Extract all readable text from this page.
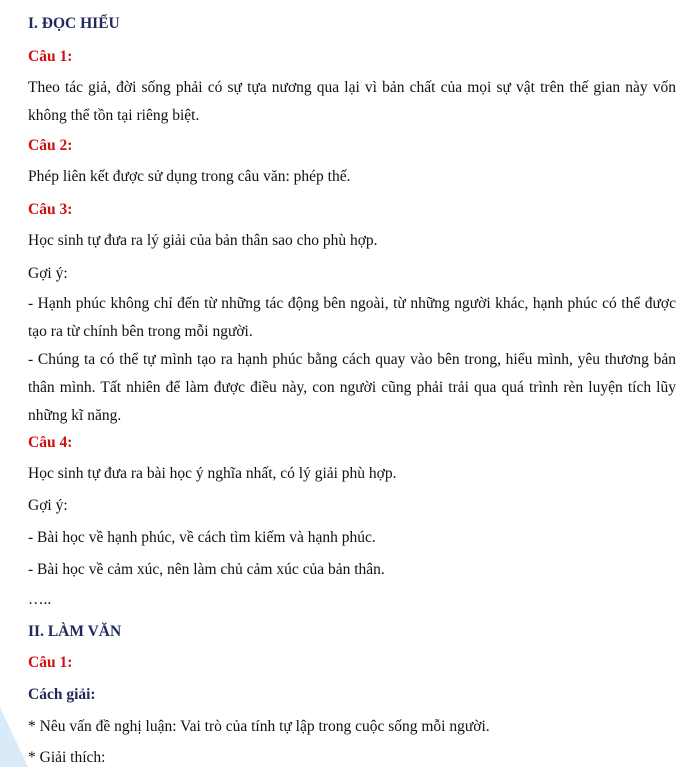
I. ĐỌC HIỂU
Câu 1:
Theo tác giả, đời sống phải có sự tựa nương qua lại vì bản chất của mọi sự vật trên thế gian này vốn không thể tồn tại riêng biệt.
Câu 2:
Phép liên kết được sử dụng trong câu văn: phép thế.
Câu 3:
Học sinh tự đưa ra lý giải của bản thân sao cho phù hợp.
Gợi ý:
- Hạnh phúc không chỉ đến từ những tác động bên ngoài, từ những người khác, hạnh phúc có thể được tạo ra từ chính bên trong mỗi người.
- Chúng ta có thể tự mình tạo ra hạnh phúc bằng cách quay vào bên trong, hiểu mình, yêu thương bản thân mình. Tất nhiên để làm được điều này, con người cũng phải trải qua quá trình rèn luyện tích lũy những kĩ năng.
Câu 4:
Học sinh tự đưa ra bài học ý nghĩa nhất, có lý giải phù hợp.
Gợi ý:
- Bài học về hạnh phúc, về cách tìm kiếm và hạnh phúc.
- Bài học về cảm xúc, nên làm chủ cảm xúc của bản thân.
…..
II. LÀM VĂN
Câu 1:
Cách giải:
* Nêu vấn đề nghị luận: Vai trò của tính tự lập trong cuộc sống mỗi người.
* Giải thích:
